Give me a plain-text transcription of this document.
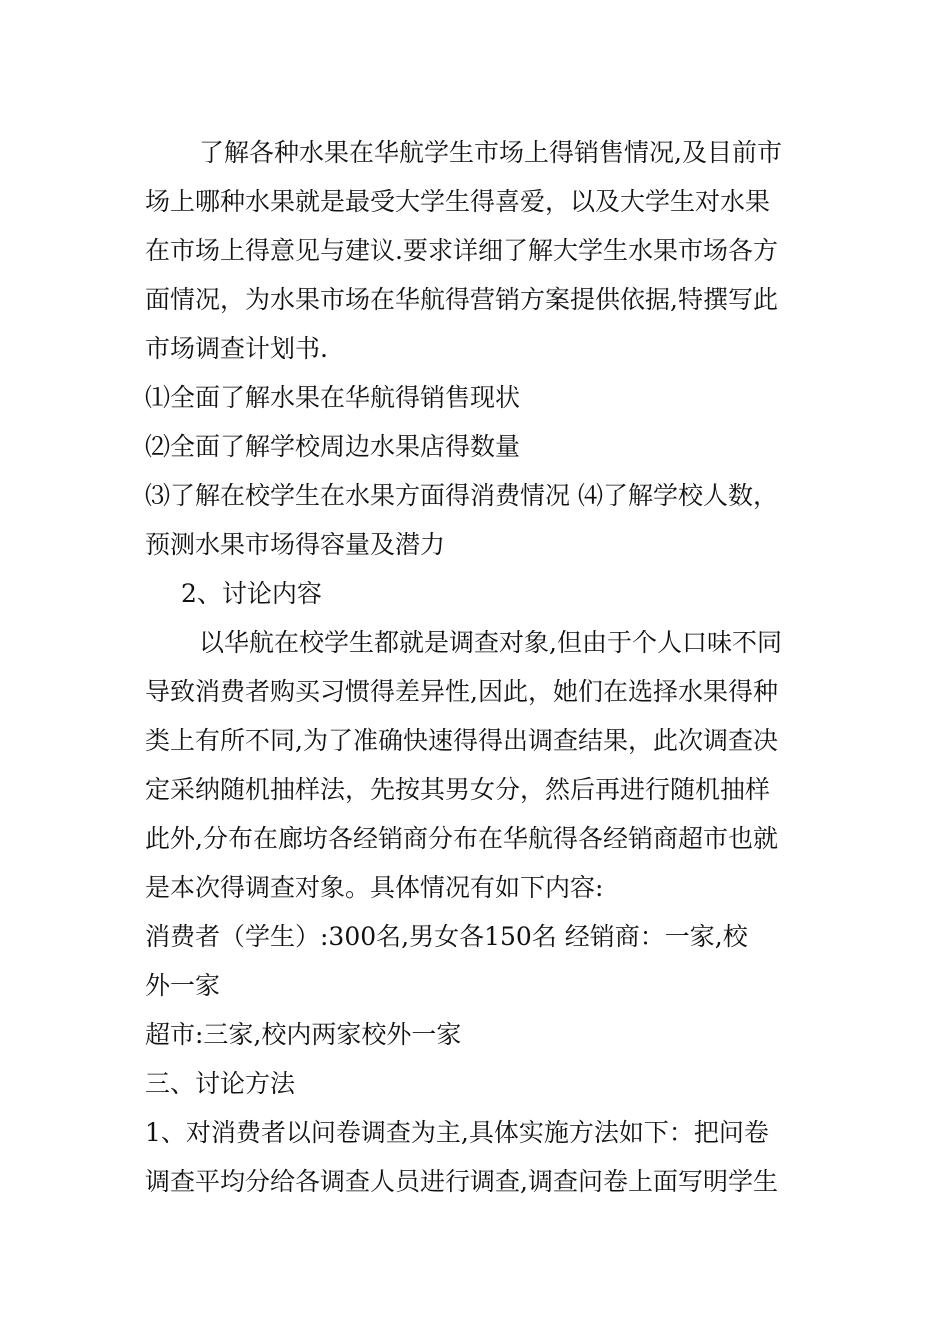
了解各种水果在华航学生市场上得销售情况,及目前市
场上哪种水果就是最受大学生得喜爱，以及大学生对水果
在市场上得意见与建议.要求详细了解大学生水果市场各方
面情况，为水果市场在华航得营销方案提供依据,特撰写此
市场调查计划书.
⑴全面了解水果在华航得销售现状
⑵全面了解学校周边水果店得数量
⑶了解在校学生在水果方面得消费情况 ⑷了解学校人数，
预测水果市场得容量及潜力
2、讨论内容
以华航在校学生都就是调查对象,但由于个人口味不同
导致消费者购买习惯得差异性,因此，她们在选择水果得种
类上有所不同,为了准确快速得得出调查结果，此次调查决
定采纳随机抽样法，先按其男女分，然后再进行随机抽样
此外,分布在廊坊各经销商分布在华航得各经销商超市也就
是本次得调查对象。具体情况有如下内容:
消费者（学生）:300名,男女各150名 经销商：一家,校
外一家
超市:三家,校内两家校外一家
三、讨论方法
1、对消费者以问卷调查为主,具体实施方法如下：把问卷
调查平均分给各调查人员进行调查,调查问卷上面写明学生
